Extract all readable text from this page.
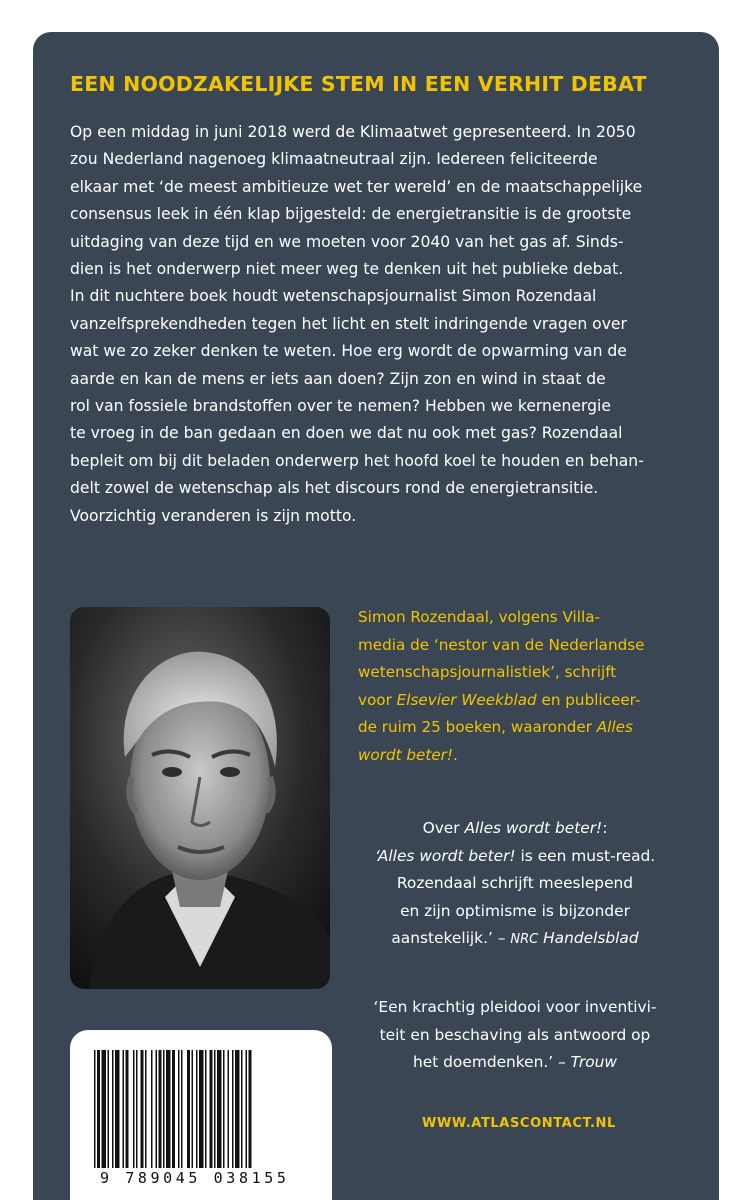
EEN NOODZAKELIJKE STEM IN EEN VERHIT DEBAT

Op een middag in juni 2018 werd de Klimaatwet gepresenteerd. In 2050
zou Nederland nagenoeg klimaatneutraal zijn. Iedereen feliciteerde
elkaar met ‘de meest ambitieuze wet ter wereld’ en de maatschappelijke
consensus leek in één klap bijgesteld: de energietransitie is de grootste
uitdaging van deze tijd en we moeten voor 2040 van het gas af. Sinds-
dien is het onderwerp niet meer weg te denken uit het publieke debat.
In dit nuchtere boek houdt wetenschapsjournalist Simon Rozendaal
vanzelfsprekendheden tegen het licht en stelt indringende vragen over
wat we zo zeker denken te weten. Hoe erg wordt de opwarming van de
aarde en kan de mens er iets aan doen? Zijn zon en wind in staat de
rol van fossiele brandstoffen over te nemen? Hebben we kernenergie
te vroeg in de ban gedaan en doen we dat nu ook met gas? Rozendaal
bepleit om bij dit beladen onderwerp het hoofd koel te houden en behan-
delt zowel de wetenschap als het discours rond de energietransitie.
Voorzichtig veranderen is zijn motto.

Simon Rozendaal, volgens Villa-
media de ‘nestor van de Nederlandse
wetenschapsjournalistiek’, schrijft
voor Elsevier Weekblad en publiceer-
de ruim 25 boeken, waaronder Alles
wordt beter!.
Over Alles wordt beter!:
‘Alles wordt beter! is een must-read.
Rozendaal schrijft meeslepend
en zijn optimisme is bijzonder
aanstekelijk.’ – NRC Handelsblad
‘Een krachtig pleidooi voor inventivi-
teit en beschaving als antwoord op
het doemdenken.’ – Trouw
WWW.ATLASCONTACT.NL
9 789045 038155
